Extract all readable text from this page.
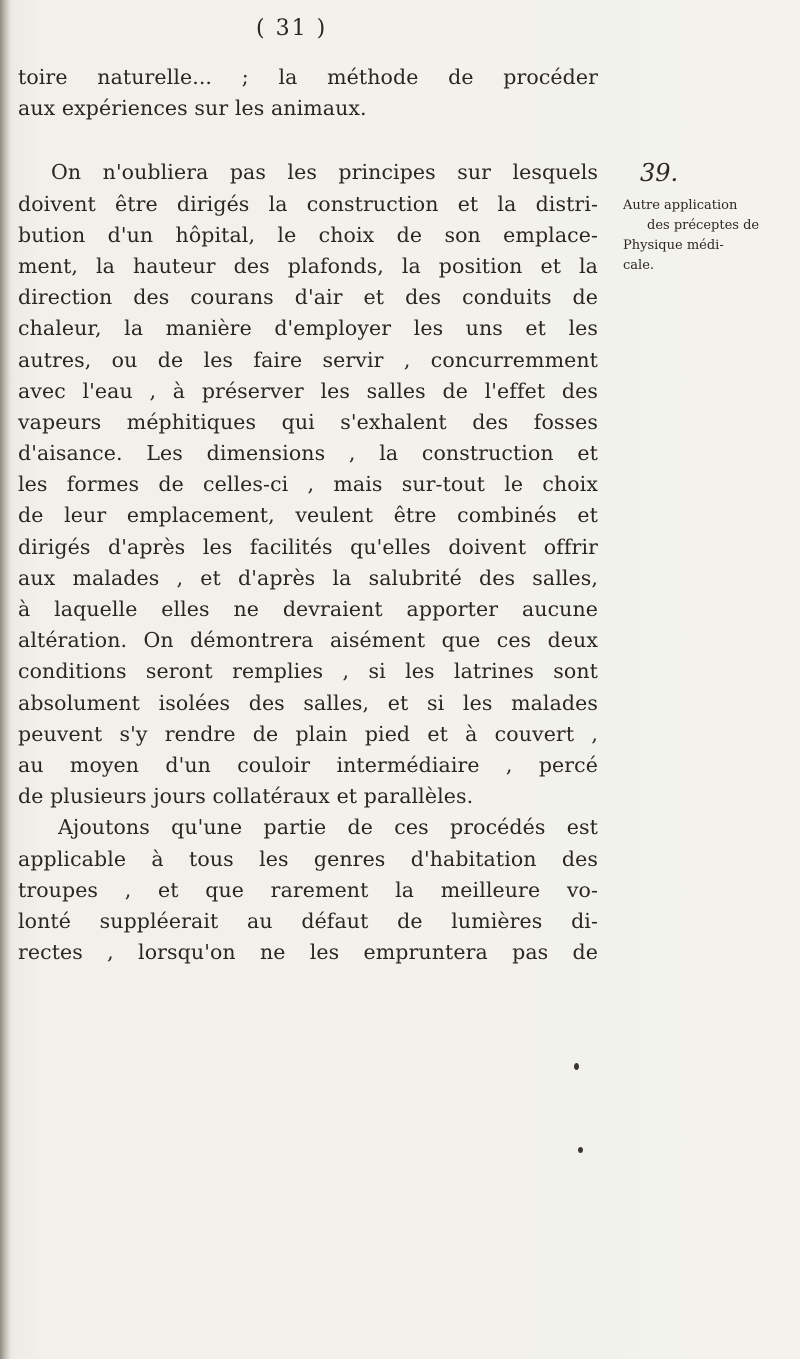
( 31 )
toire naturelle... ; la méthode de procéder
aux expériences sur les animaux.
On n'oubliera pas les principes sur lesquels
doivent être dirigés la construction et la distri-
bution d'un hôpital, le choix de son emplace-
ment, la hauteur des plafonds, la position et la
direction des courans d'air et des conduits de
chaleur, la manière d'employer les uns et les
autres, ou de les faire servir , concurremment
avec l'eau , à préserver les salles de l'effet des
vapeurs méphitiques qui s'exhalent des fosses
d'aisance. Les dimensions , la construction et
les formes de celles-ci , mais sur-tout le choix
de leur emplacement, veulent être combinés et
dirigés d'après les facilités qu'elles doivent offrir
aux malades , et d'après la salubrité des salles,
à laquelle elles ne devraient apporter aucune
altération. On démontrera aisément que ces deux
conditions seront remplies , si les latrines sont
absolument isolées des salles, et si les malades
peuvent s'y rendre de plain pied et à couvert ,
au moyen d'un couloir intermédiaire , percé
de plusieurs jours collatéraux et parallèles.
Ajoutons qu'une partie de ces procédés est
applicable à tous les genres d'habitation des
troupes , et que rarement la meilleure vo-
lonté suppléerait au défaut de lumières di-
rectes , lorsqu'on ne les empruntera pas de
39.
Autre application
des préceptes de
Physique médi-
cale.
